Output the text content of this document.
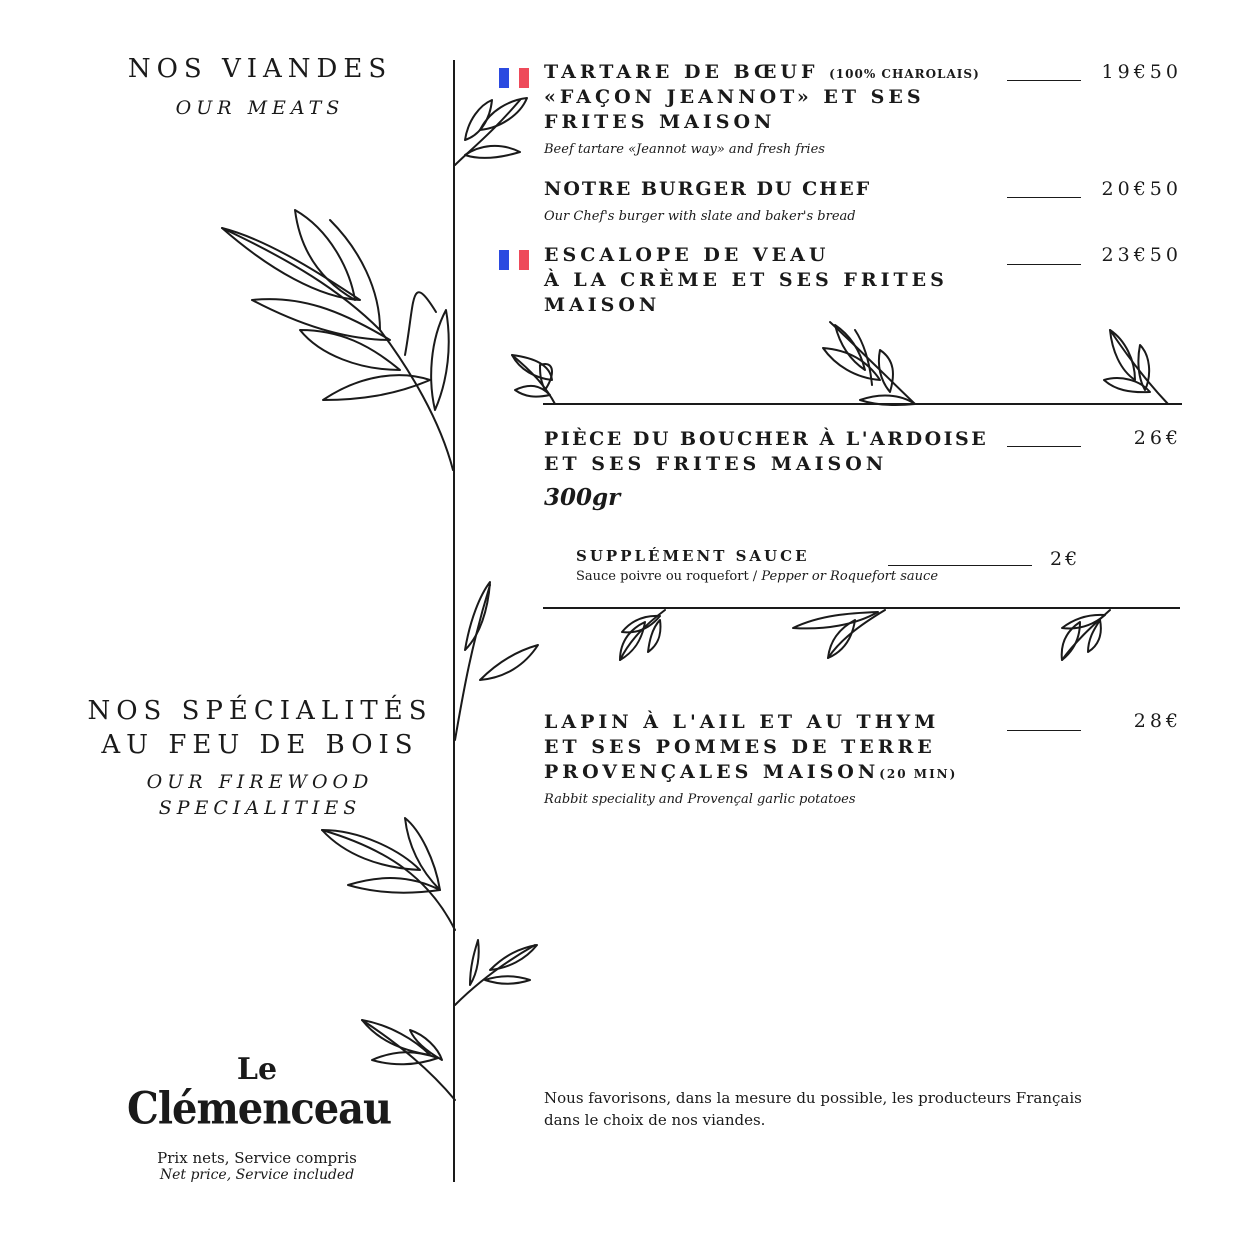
NOS VIANDES
OUR MEATS
NOS SPÉCIALITÉS
AU FEU DE BOIS
OUR FIREWOOD
SPECIALITIES
Le
Clémenceau
Prix nets, Service compris
Net price, Service included
TARTARE DE BŒUF (100% CHAROLAIS)
«FAÇON JEANNOT» ET SES
FRITES MAISON
Beef tartare «Jeannot way» and fresh fries
19€50
NOTRE BURGER DU CHEF
Our Chef's burger with slate and baker's bread
20€50
ESCALOPE DE VEAU
À LA CRÈME ET SES FRITES
MAISON
23€50
PIÈCE DU BOUCHER À L'ARDOISE
ET SES FRITES MAISON
300gr
26€
SUPPLÉMENT SAUCE
Sauce poivre ou roquefort / Pepper or Roquefort sauce
2€
LAPIN À L'AIL ET AU THYM
ET SES POMMES DE TERRE
PROVENÇALES MAISON(20 MIN)
Rabbit speciality and Provençal garlic potatoes
28€
Nous favorisons, dans la mesure du possible, les producteurs Français
dans le choix de nos viandes.
